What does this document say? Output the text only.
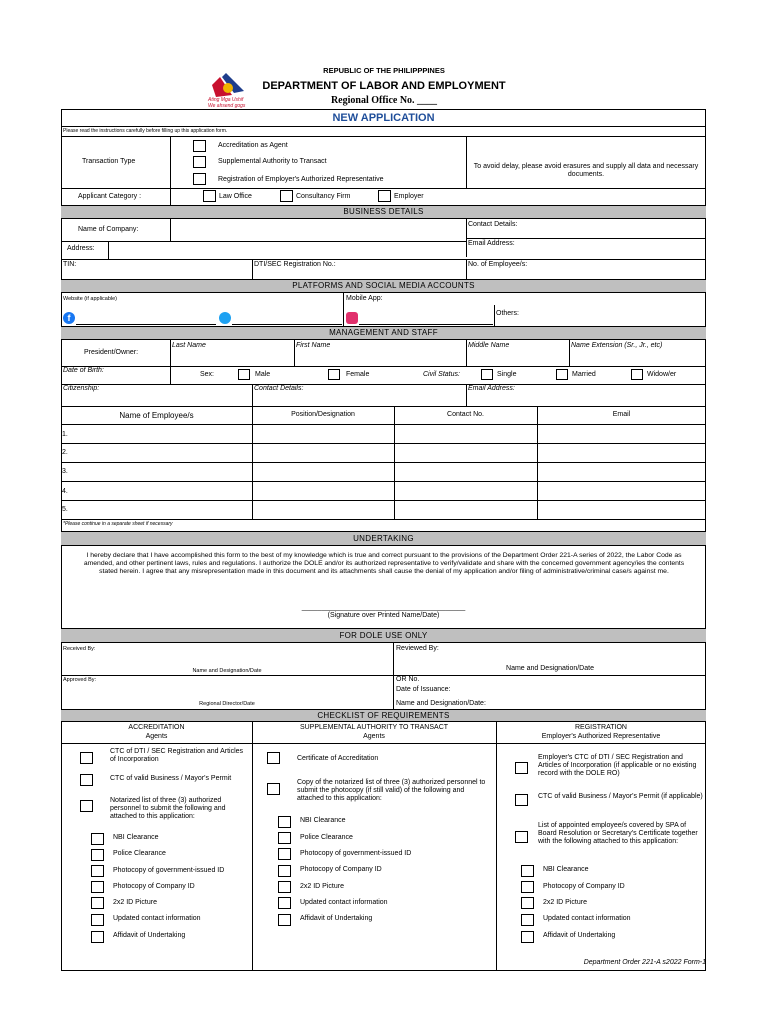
Ating Mga Ushif
We ahsend gogs
REPUBLIC OF THE PHILIPPPINES
DEPARTMENT OF LABOR AND EMPLOYMENT
Regional Office No. ____
NEW APPLICATION
Please read the instructions carefully before filling up this application form.
Transaction Type
Accreditation as Agent
Supplemental Authority to Transact
Registration of Employer's Authorized Representative
To avoid delay, please avoid erasures and supply all data and necessary documents.
Applicant Category :	Law Office	Consultancy Firm	Employer
BUSINESS DETAILS
Name of Company:
Contact Details:
Email Address:
Address:
TIN:	DTI/SEC Registration No.:	No. of Employee/s:
PLATFORMS AND SOCIAL MEDIA ACCOUNTS
Website (if applicable)	Mobile App:
Others:
f
MANAGEMENT AND STAFF
President/Owner:
Last Name	First Name	Middle Name	Name Extension (Sr., Jr., etc)
Date of Birth:
Sex:	Male	Female	Civil Status:	Single	Married	Widow/er
Citizenship:	Contact Details:	Email Address:
Name of Employee/s	Position/Designation	Contact No.	Email
1.
2.
3.
4.
5.
*Please continue in a separate sheet if necessary
UNDERTAKING
I hereby declare that I have accomplished this form to the best of my knowledge which is true and correct pursuant to the provisions of the Department Order 221-A series of 2022, the Labor Code as amended, and other pertinent laws, rules and regulations. I authorize the DOLE and/or its authorized representative to verify/validate and share with the concerned government agency/ies the contents stated herein. I agree that any misrepresentation made in this document and its attachments shall cause the denial of my application and/or filing of administrative/criminal case/s against me.
__________________________________________
(Signature over Printed Name/Date)
FOR DOLE USE ONLY
Received By:	Reviewed By:
Name and Designation/Date	Name and Designation/Date
Approved By:	OR No.
Date of Issuance:
Regional Director/Date	Name and Designation/Date:
CHECKLIST OF REQUIREMENTS
ACCREDITATION
Agents
SUPPLEMENTAL AUTHORITY TO TRANSACT
Agents
REGISTRATION
Employer's Authorized Representative
CTC of DTI / SEC Registration and Articles of Incorporation
CTC of valid Business / Mayor's Permit
Notarized list of three (3) authorized personnel to submit the following and attached to this application:
NBI Clearance
Police Clearance
Photocopy of government-issued ID
Photocopy of Company ID
2x2 ID Picture
Updated contact information
Affidavit of Undertaking
Certificate of Accreditation
Copy of the notarized list of three (3) authorized personnel to submit the photocopy (if still valid) of the following and attached to this application:
NBI Clearance
Police Clearance
Photocopy of government-issued ID
Photocopy of Company ID
2x2 ID Picture
Updated contact information
Affidavit of Undertaking
Employer's CTC of DTI / SEC Registration and Articles of Incorporation (if applicable or no existing record with the DOLE RO)
CTC of valid Business / Mayor's Permit (if applicable)
List of appointed employee/s covered by SPA of Board Resolution or Secretary's Certificate together with the following attached to this application:
NBI Clearance
Photocopy of Company ID
2x2 ID Picture
Updated contact information
Affidavit of Undertaking
Department Order 221-A s2022 Form-1
